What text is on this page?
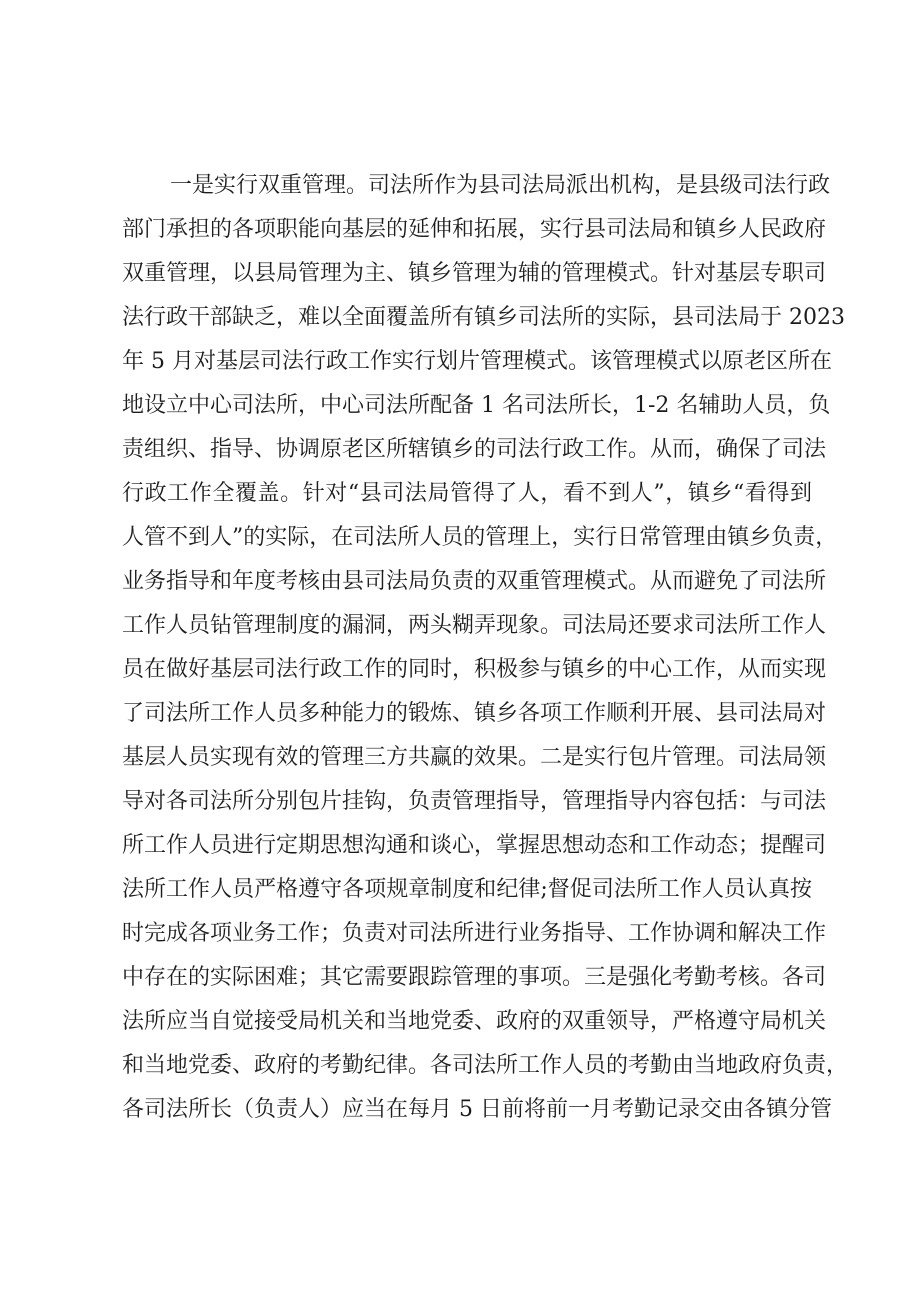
一是实行双重管理。司法所作为县司法局派出机构，是县级司法行政
部门承担的各项职能向基层的延伸和拓展，实行县司法局和镇乡人民政府
双重管理，以县局管理为主、镇乡管理为辅的管理模式。针对基层专职司
法行政干部缺乏，难以全面覆盖所有镇乡司法所的实际，县司法局于 2023
年 5 月对基层司法行政工作实行划片管理模式。该管理模式以原老区所在
地设立中心司法所，中心司法所配备 1 名司法所长，1-2 名辅助人员，负
责组织、指导、协调原老区所辖镇乡的司法行政工作。从而，确保了司法
行政工作全覆盖。针对“县司法局管得了人，看不到人”，镇乡“看得到
人管不到人”的实际，在司法所人员的管理上，实行日常管理由镇乡负责，
业务指导和年度考核由县司法局负责的双重管理模式。从而避免了司法所
工作人员钻管理制度的漏洞，两头糊弄现象。司法局还要求司法所工作人
员在做好基层司法行政工作的同时，积极参与镇乡的中心工作，从而实现
了司法所工作人员多种能力的锻炼、镇乡各项工作顺利开展、县司法局对
基层人员实现有效的管理三方共赢的效果。二是实行包片管理。司法局领
导对各司法所分别包片挂钩，负责管理指导，管理指导内容包括：与司法
所工作人员进行定期思想沟通和谈心，掌握思想动态和工作动态；提醒司
法所工作人员严格遵守各项规章制度和纪律;督促司法所工作人员认真按
时完成各项业务工作；负责对司法所进行业务指导、工作协调和解决工作
中存在的实际困难；其它需要跟踪管理的事项。三是强化考勤考核。各司
法所应当自觉接受局机关和当地党委、政府的双重领导，严格遵守局机关
和当地党委、政府的考勤纪律。各司法所工作人员的考勤由当地政府负责，
各司法所长（负责人）应当在每月 5 日前将前一月考勤记录交由各镇分管
